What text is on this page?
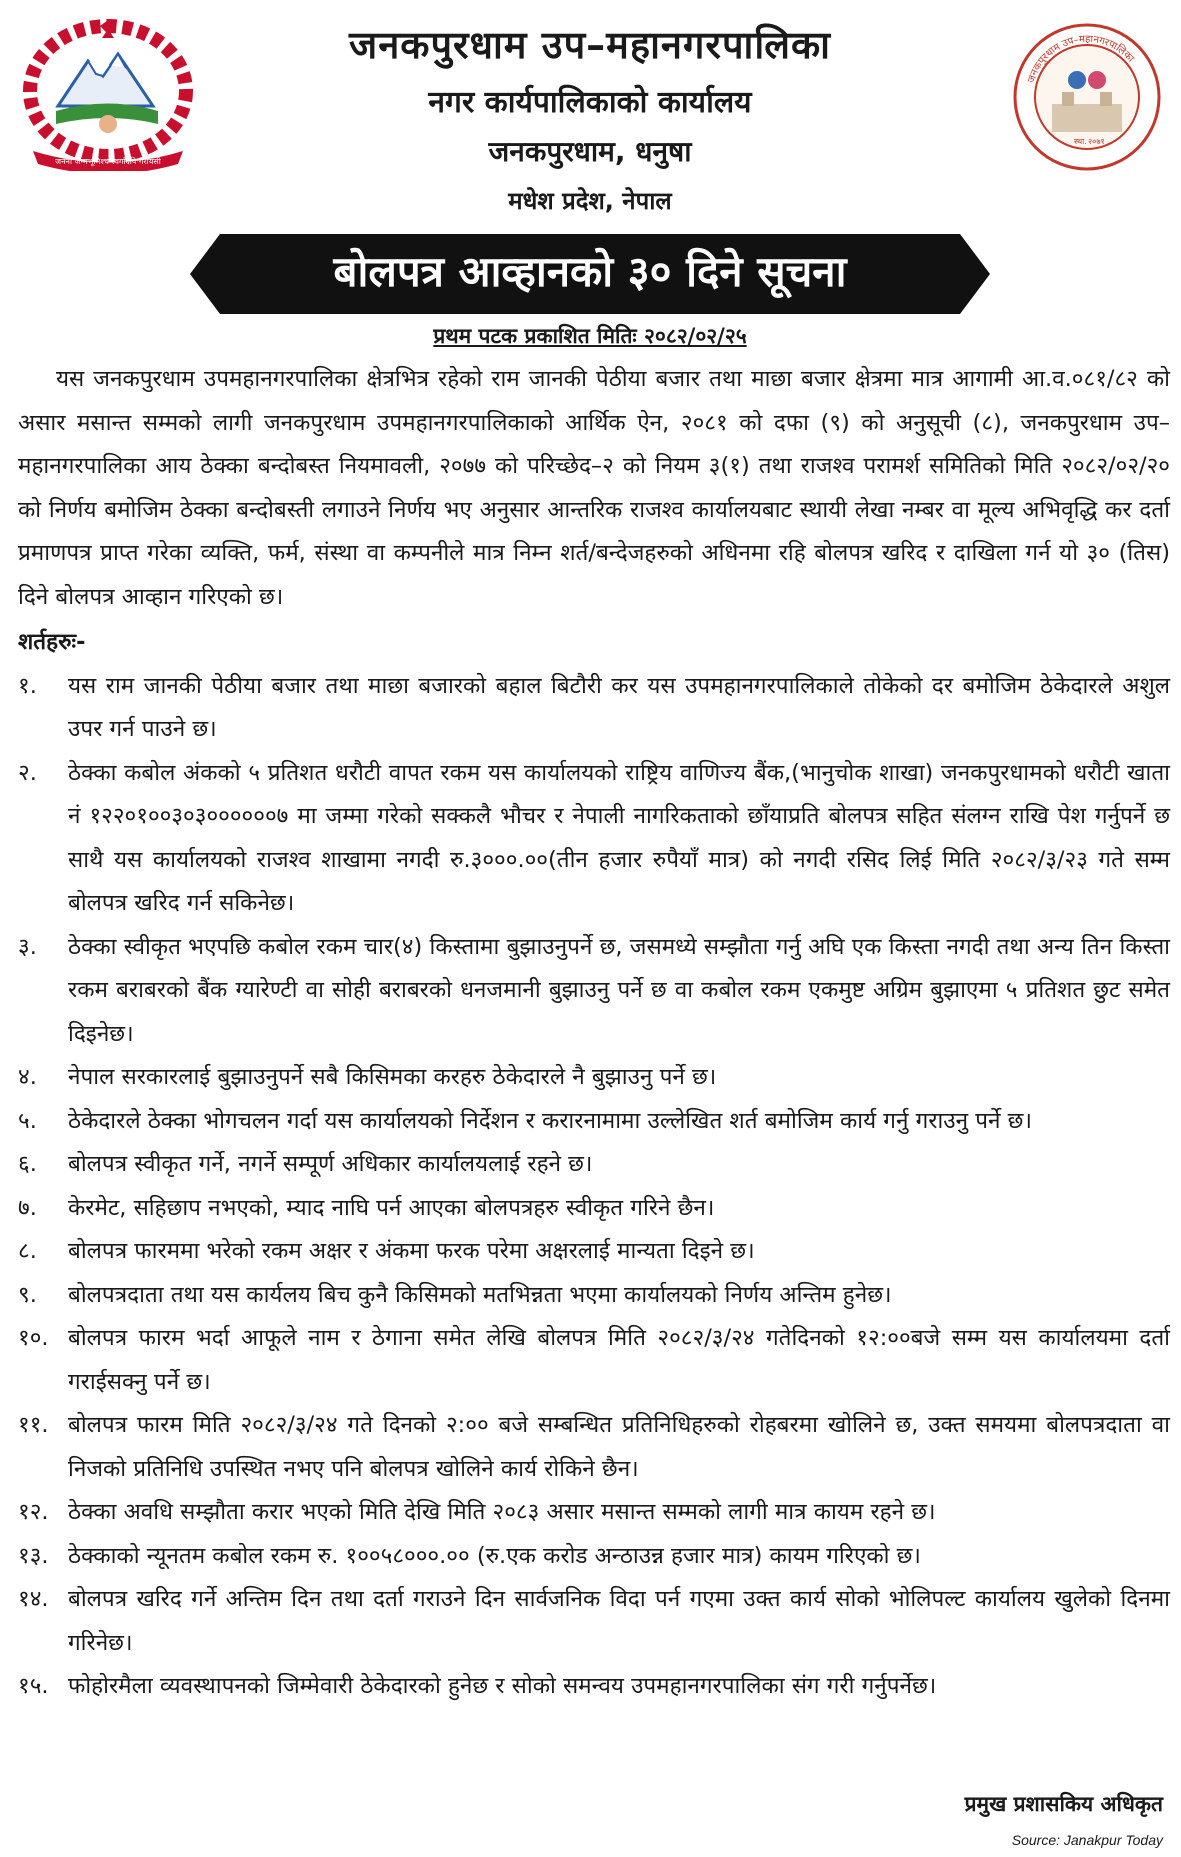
जननी जन्मभूमिश्च स्वर्गादपि गरीयसी
जनकपुरधाम उप–महानगरपालिका
स्था. २०७१
जनकपुरधाम उप–महानगरपालिका
नगर कार्यपालिकाको कार्यालय
जनकपुरधाम, धनुषा
मधेश प्रदेश, नेपाल
बोलपत्र आव्हानको ३० दिने सूचना
प्रथम पटक प्रकाशित मितिः २०८२/०२/२५

यस जनकपुरधाम उपमहानगरपालिका क्षेत्रभित्र रहेको राम जानकी पेठीया बजार तथा माछा बजार क्षेत्रमा मात्र आगामी आ.व.०८१/८२ को असार मसान्त सम्मको लागी जनकपुरधाम उपमहानगरपालिकाको आर्थिक ऐन, २०८१ को दफा (९) को अनुसूची (८), जनकपुरधाम उप–महानगरपालिका आय ठेक्का बन्दोबस्त नियमावली, २०७७ को परिच्छेद–२ को नियम ३(१) तथा राजश्व परामर्श समितिको मिति २०८२/०२/२० को निर्णय बमोजिम ठेक्का बन्दोबस्ती लगाउने निर्णय भए अनुसार आन्तरिक राजश्व कार्यालयबाट स्थायी लेखा नम्बर वा मूल्य अभिवृद्धि कर दर्ता प्रमाणपत्र प्राप्त गरेका व्यक्ति, फर्म, संस्था वा कम्पनीले मात्र निम्न शर्त/बन्देजहरुको अधिनमा रहि बोलपत्र खरिद र दाखिला गर्न यो ३० (तिस) दिने बोलपत्र आव्हान गरिएको छ।

शर्तहरुः-
१.	यस राम जानकी पेठीया बजार तथा माछा बजारको बहाल बिटौरी कर यस उपमहानगरपालिकाले तोकेको दर बमोजिम ठेकेदारले अशुल उपर गर्न पाउने छ।
२.	ठेक्का कबोल अंकको ५ प्रतिशत धरौटी वापत रकम यस कार्यालयको राष्ट्रिय वाणिज्य बैंक,(भानुचोक शाखा) जनकपुरधामको धरौटी खाता नं १२२०१००३०३००००००७ मा जम्मा गरेको सक्कलै भौचर र नेपाली नागरिकताको छाँयाप्रति बोलपत्र सहित संलग्न राखि पेश गर्नुपर्ने छ साथै यस कार्यालयको राजश्व शाखामा नगदी रु.३०००.००(तीन हजार रुपैयाँ मात्र) को नगदी रसिद लिई मिति २०८२/३/२३ गते सम्म बोलपत्र खरिद गर्न सकिनेछ।
३.	ठेक्का स्वीकृत भएपछि कबोल रकम चार(४) किस्तामा बुझाउनुपर्ने छ, जसमध्ये सम्झौता गर्नु अघि एक किस्ता नगदी तथा अन्य तिन किस्ता रकम बराबरको बैंक ग्यारेण्टी वा सोही बराबरको धनजमानी बुझाउनु पर्ने छ वा कबोल रकम एकमुष्ट अग्रिम बुझाएमा ५ प्रतिशत छुट समेत दिइनेछ।
४.	नेपाल सरकारलाई बुझाउनुपर्ने सबै किसिमका करहरु ठेकेदारले नै बुझाउनु पर्ने छ।
५.	ठेकेदारले ठेक्का भोगचलन गर्दा यस कार्यालयको निर्देशन र करारनामामा उल्लेखित शर्त बमोजिम कार्य गर्नु गराउनु पर्ने छ।
६.	बोलपत्र स्वीकृत गर्ने, नगर्ने सम्पूर्ण अधिकार कार्यालयलाई रहने छ।
७.	केरमेट, सहिछाप नभएको, म्याद नाघि पर्न आएका बोलपत्रहरु स्वीकृत गरिने छैन।
८.	बोलपत्र फारममा भरेको रकम अक्षर र अंकमा फरक परेमा अक्षरलाई मान्यता दिइने छ।
९.	बोलपत्रदाता तथा यस कार्यलय बिच कुनै किसिमको मतभिन्नता भएमा कार्यालयको निर्णय अन्तिम हुनेछ।
१०. बोलपत्र फारम भर्दा आफूले नाम र ठेगाना समेत लेखि बोलपत्र मिति २०८२/३/२४ गतेदिनको १२:००बजे सम्म यस कार्यालयमा दर्ता गराईसक्नु पर्ने छ।
११. बोलपत्र फारम मिति २०८२/३/२४ गते दिनको २:०० बजे सम्बन्धित प्रतिनिधिहरुको रोहबरमा खोलिने छ, उक्त समयमा बोलपत्रदाता वा निजको प्रतिनिधि उपस्थित नभए पनि बोलपत्र खोलिने कार्य रोकिने छैन।
१२. ठेक्का अवधि सम्झौता करार भएको मिति देखि मिति २०८३ असार मसान्त सम्मको लागी मात्र कायम रहने छ।
१३. ठेक्काको न्यूनतम कबोल रकम रु. १००५८०००.०० (रु.एक करोड अन्ठाउन्न हजार मात्र) कायम गरिएको छ।
१४. बोलपत्र खरिद गर्ने अन्तिम दिन तथा दर्ता गराउने दिन सार्वजनिक विदा पर्न गएमा उक्त कार्य सोको भोलिपल्ट कार्यालय खुलेको दिनमा गरिनेछ।
१५. फोहोरमैला व्यवस्थापनको जिम्मेवारी ठेकेदारको हुनेछ र सोको समन्वय उपमहानगरपालिका संग गरी गर्नुपर्नेछ।
प्रमुख प्रशासकिय अधिकृत
Source: Janakpur Today
